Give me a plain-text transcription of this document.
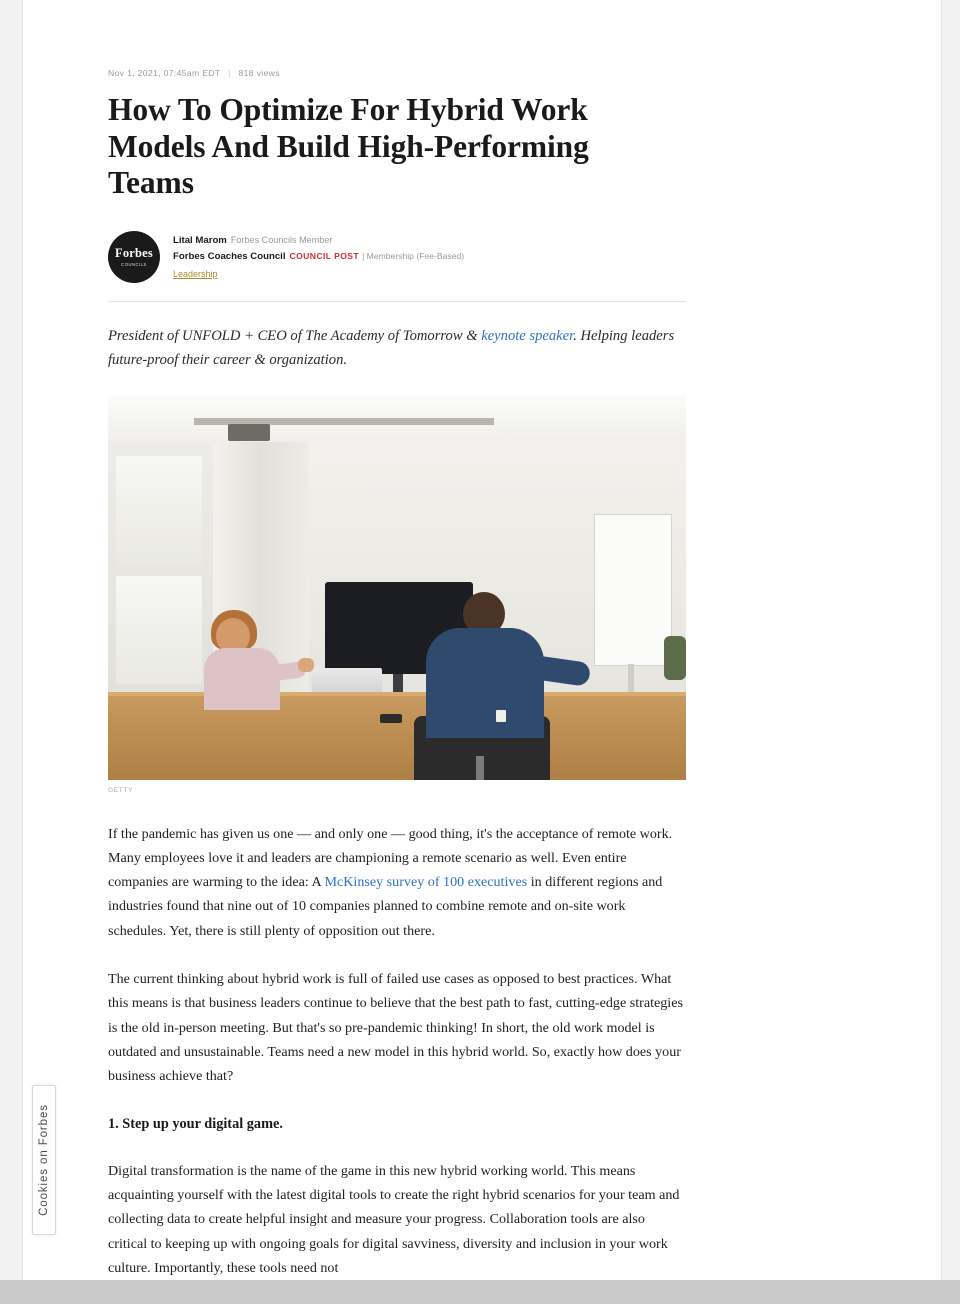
Cookies on Forbes
Nov 1, 2021, 07:45am EDT | 818 views
How To Optimize For Hybrid Work Models And Build High-Performing Teams
Forbes
COUNCILS
Lital Marom Forbes Councils Member
Forbes Coaches Council COUNCIL POST | Membership (Fee-Based)
Leadership
President of UNFOLD + CEO of The Academy of Tomorrow & keynote speaker. Helping leaders future-proof their career & organization.
GETTY

If the pandemic has given us one — and only one — good thing, it's the acceptance of remote work. Many employees love it and leaders are championing a remote scenario as well. Even entire companies are warming to the idea: A McKinsey survey of 100 executives in different regions and industries found that nine out of 10 companies planned to combine remote and on-site work schedules. Yet, there is still plenty of opposition out there.

The current thinking about hybrid work is full of failed use cases as opposed to best practices. What this means is that business leaders continue to believe that the best path to fast, cutting-edge strategies is the old in-person meeting. But that's so pre-pandemic thinking! In short, the old work model is outdated and unsustainable. Teams need a new model in this hybrid world. So, exactly how does your business achieve that?

1. Step up your digital game.

Digital transformation is the name of the game in this new hybrid working world. This means acquainting yourself with the latest digital tools to create the right hybrid scenarios for your team and collecting data to create helpful insight and measure your progress. Collaboration tools are also critical to keeping up with ongoing goals for digital savviness, diversity and inclusion in your work culture. Importantly, these tools need not
